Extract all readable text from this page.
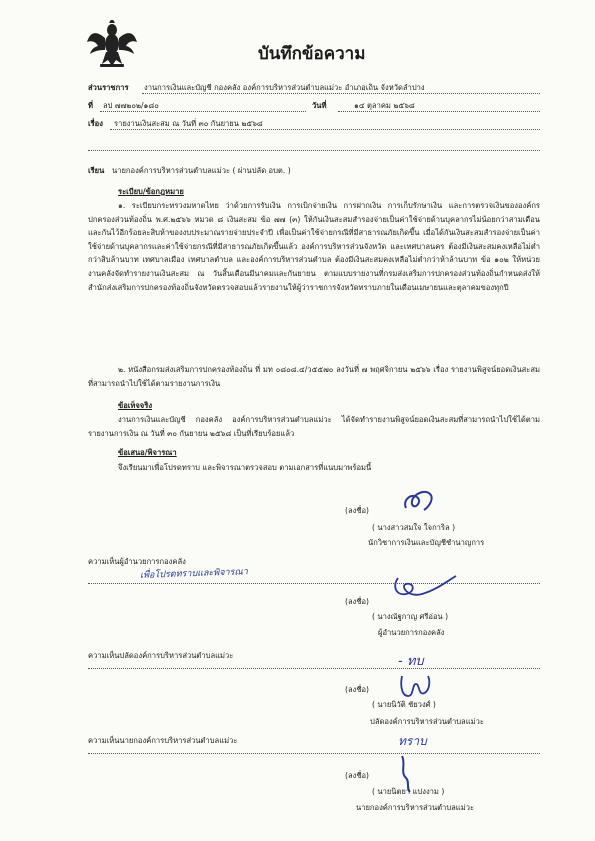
บันทึกข้อความ
ส่วนราชการ งานการเงินและบัญชี กองคลัง องค์การบริหารส่วนตำบลแม่วะ อำเภอเถิน จังหวัดลำปาง
ที่ ลป ๗๗๒๐๒/๑๘๐	วันที่	๑๔ ตุลาคม ๒๕๖๘
เรื่อง รายงานเงินสะสม ณ วันที่ ๓๐ กันยายน ๒๕๖๘
เรียน นายกองค์การบริหารส่วนตำบลแม่วะ ( ผ่านปลัด อบต. )
ระเบียบ/ข้อกฎหมาย
๑. ระเบียบกระทรวงมหาดไทย ว่าด้วยการรับเงิน การเบิกจ่ายเงิน การฝากเงิน การเก็บรักษาเงิน และการตรวจเงินขององค์กรปกครองส่วนท้องถิ่น พ.ศ.๒๕๖๖ หมวด ๘ เงินสะสม ข้อ ๗๗ (๓) ให้กันเงินสะสมสำรองจ่ายเป็นค่าใช้จ่ายด้านบุคลากรไม่น้อยกว่าสามเดือนและกันไว้อีกร้อยละสิบห้าของงบประมาณรายจ่ายประจำปี เพื่อเป็นค่าใช้จ่ายกรณีที่มีสาธารณภัยเกิดขึ้น เมื่อได้กันเงินสะสมสำรองจ่ายเป็นค่าใช้จ่ายด้านบุคลากรและค่าใช้จ่ายกรณีที่มีสาธารณภัยเกิดขึ้นแล้ว องค์การบริหารส่วนจังหวัด และเทศบาลนคร ต้องมีเงินสะสมคงเหลือไม่ต่ำกว่าสิบล้านบาท เทศบาลเมือง เทศบาลตำบล และองค์การบริหารส่วนตำบล ต้องมีเงินสะสมคงเหลือไม่ต่ำกว่าห้าล้านบาท ข้อ ๑๐๒ ให้หน่วยงานคลังจัดทำรายงานเงินสะสม ณ วันสิ้นเดือนมีนาคมและกันยายน ตามแบบรายงานที่กรมส่งเสริมการปกครองส่วนท้องถิ่นกำหนดส่งให้สำนักส่งเสริมการปกครองท้องถิ่นจังหวัดตรวจสอบแล้วรายงานให้ผู้ว่าราชการจังหวัดทราบภายในเดือนเมษายนและตุลาคมของทุกปี
๒. หนังสือกรมส่งเสริมการปกครองท้องถิ่น ที่ มท ๐๘๐๘.๔/ว๕๕๗๐ ลงวันที่ ๗ พฤศจิกายน ๒๕๖๖ เรื่อง รายงานพิสูจน์ยอดเงินสะสมที่สามารถนำไปใช้ได้ตามรายงานการเงิน
ข้อเท็จจริง
งานการเงินและบัญชี กองคลัง องค์การบริหารส่วนตำบลแม่วะ ได้จัดทำรายงานพิสูจน์ยอดเงินสะสมที่สามารถนำไปใช้ได้ตามรายงานการเงิน ณ วันที่ ๓๐ กันยายน ๒๕๖๘ เป็นที่เรียบร้อยแล้ว
ข้อเสนอ/พิจารณา
จึงเรียนมาเพื่อโปรดทราบ และพิจารณาตรวจสอบ ตามเอกสารที่แนบมาพร้อมนี้
(ลงชื่อ)
( นางสาวสมใจ ใจการิล )
นักวิชาการเงินและบัญชีชำนาญการ
ความเห็นผู้อำนวยการกองคลัง
เพื่อโปรดทราบและพิจารณา
(ลงชื่อ)
( นางณัฐกาญ ศรีอ่อน )
ผู้อำนวยการกองคลัง
ความเห็นปลัดองค์การบริหารส่วนตำบลแม่วะ	- ทบ
(ลงชื่อ)
( นายนิวัติ ชัยวงศ์ )
ปลัดองค์การบริหารส่วนตำบลแม่วะ
ความเห็นนายกองค์การบริหารส่วนตำบลแม่วะ	ทราบ
(ลงชื่อ)
( นายนิตยา แปงงาม )
นายกองค์การบริหารส่วนตำบลแม่วะ
